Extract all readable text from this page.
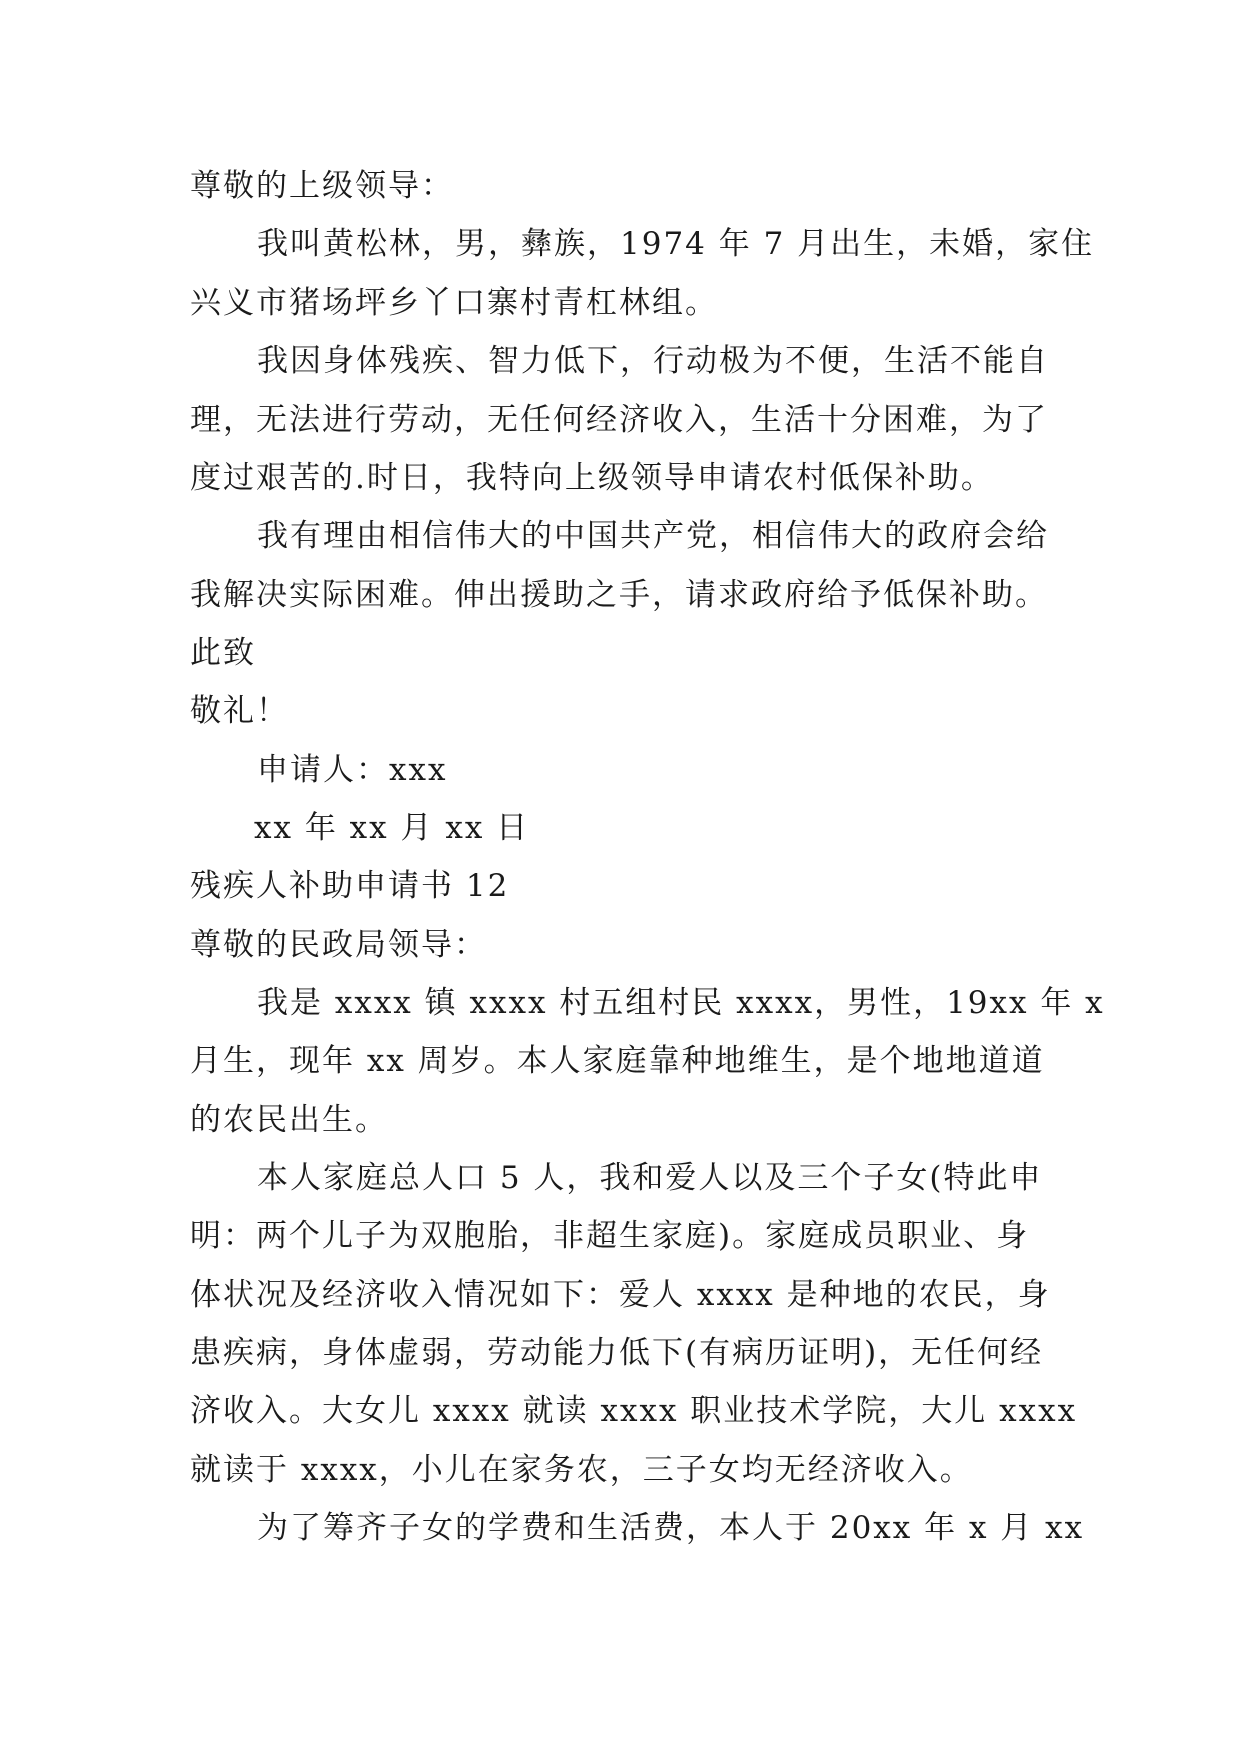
尊敬的上级领导：
我叫黄松林，男，彝族，1974 年 7 月出生，未婚，家住
兴义市猪场坪乡丫口寨村青杠林组。
我因身体残疾、智力低下，行动极为不便，生活不能自
理，无法进行劳动，无任何经济收入，生活十分困难，为了
度过艰苦的.时日，我特向上级领导申请农村低保补助。
我有理由相信伟大的中国共产党，相信伟大的政府会给
我解决实际困难。伸出援助之手，请求政府给予低保补助。
此致
敬礼！
申请人：xxx
xx 年 xx 月 xx 日
残疾人补助申请书 12
尊敬的民政局领导：
我是 xxxx 镇 xxxx 村五组村民 xxxx，男性，19xx 年 x
月生，现年 xx 周岁。本人家庭靠种地维生，是个地地道道
的农民出生。
本人家庭总人口 5 人，我和爱人以及三个子女(特此申
明：两个儿子为双胞胎，非超生家庭)。家庭成员职业、身
体状况及经济收入情况如下：爱人 xxxx 是种地的农民，身
患疾病，身体虚弱，劳动能力低下(有病历证明)，无任何经
济收入。大女儿 xxxx 就读 xxxx 职业技术学院，大儿 xxxx
就读于 xxxx，小儿在家务农，三子女均无经济收入。
为了筹齐子女的学费和生活费，本人于 20xx 年 x 月 xx
